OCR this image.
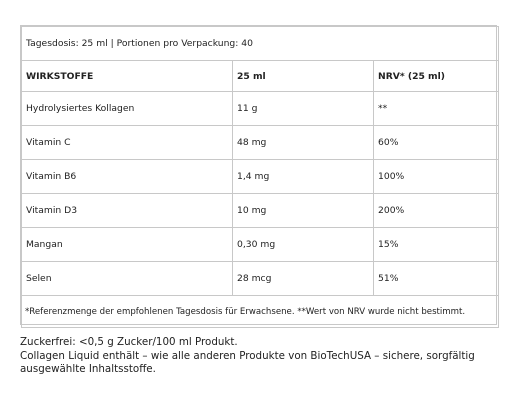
Tagesdosis: 25 ml | Portionen pro Verpackung: 40		
WIRKSTOFFE	25 ml	NRV* (25 ml)
Hydrolysiertes Kollagen	11 g	**
Vitamin C	48 mg	60%
Vitamin B6	1,4 mg	100%
Vitamin D3	10 mg	200%
Mangan	0,30 mg	15%
Selen	28 mcg	51%
*Referenzmenge der empfohlenen Tagesdosis für Erwachsene. **Wert von NRV wurde nicht bestimmt.		

Zuckerfrei: <0,5 g Zucker/100 ml Produkt.

Collagen Liquid enthält – wie alle anderen Produkte von BioTechUSA – sichere, sorgfältig ausgewählte Inhaltsstoffe.
